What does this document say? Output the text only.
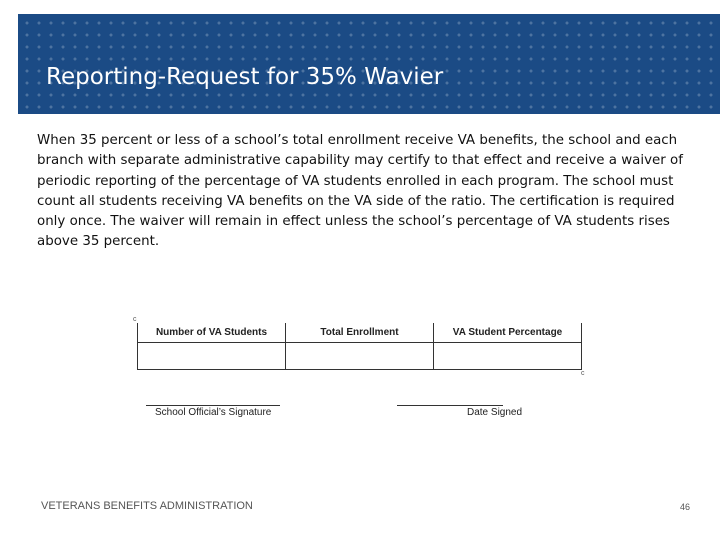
Reporting-Request for 35% Wavier

When 35 percent or less of a school’s total enrollment receive VA benefits, the school and each branch with separate administrative capability may certify to that effect and receive a waiver of periodic reporting of the percentage of VA students enrolled in each program. The school must count all students receiving VA benefits on the VA side of the ratio. The certification is required only once. The waiver will remain in effect unless the school’s percentage of VA students rises above 35 percent.

c
Number of VA Students	Total Enrollment	VA Student Percentage

c
School Official’s Signature	Date Signed

VETERANS BENEFITS ADMINISTRATION	46
